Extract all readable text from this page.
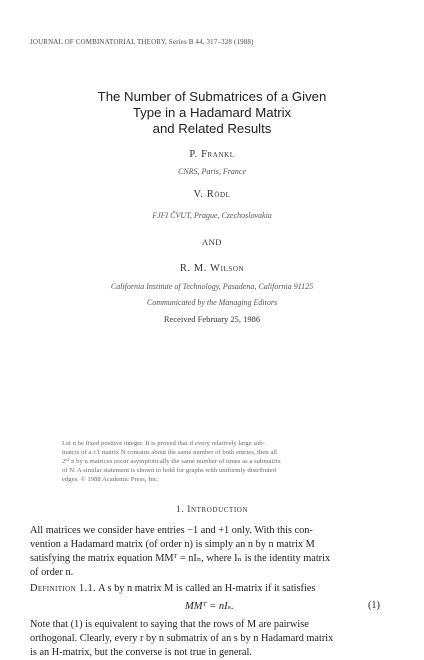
JOURNAL OF COMBINATORIAL THEORY, Series B 44, 317–328 (1988)
The Number of Submatrices of a Given
Type in a Hadamard Matrix
and Related Results
P. Frankl
CNRS, Paris, France
V. Rödl
FJFI ČVUT, Prague, Czechoslovakia
AND
R. M. Wilson
California Institute of Technology, Pasadena, California 91125
Communicated by the Managing Editors
Received February 25, 1986
Let n be fixed positive integer. It is proved that if every relatively large sub-
matrix of a ±1 matrix N contains about the same number of both entries, then all
2ⁿ² n by n matrices occur asymptotically the same number of times as a submatrix
of N. A similar statement is shown to hold for graphs with uniformly distributed
edges. © 1988 Academic Press, Inc.
1. Introduction
All matrices we consider have entries −1 and +1 only. With this con-
vention a Hadamard matrix (of order n) is simply an n by n matrix M
satisfying the matrix equation MMᵀ = nIₙ, where Iₙ is the identity matrix
of order n.
Definition 1.1. A s by n matrix M is called an H-matrix if it satisfies
MMᵀ = nIₛ.	(1)
Note that (1) is equivalent to saying that the rows of M are pairwise
orthogonal. Clearly, every r by n submatrix of an s by n Hadamard matrix
is an H-matrix, but the converse is not true in general.
